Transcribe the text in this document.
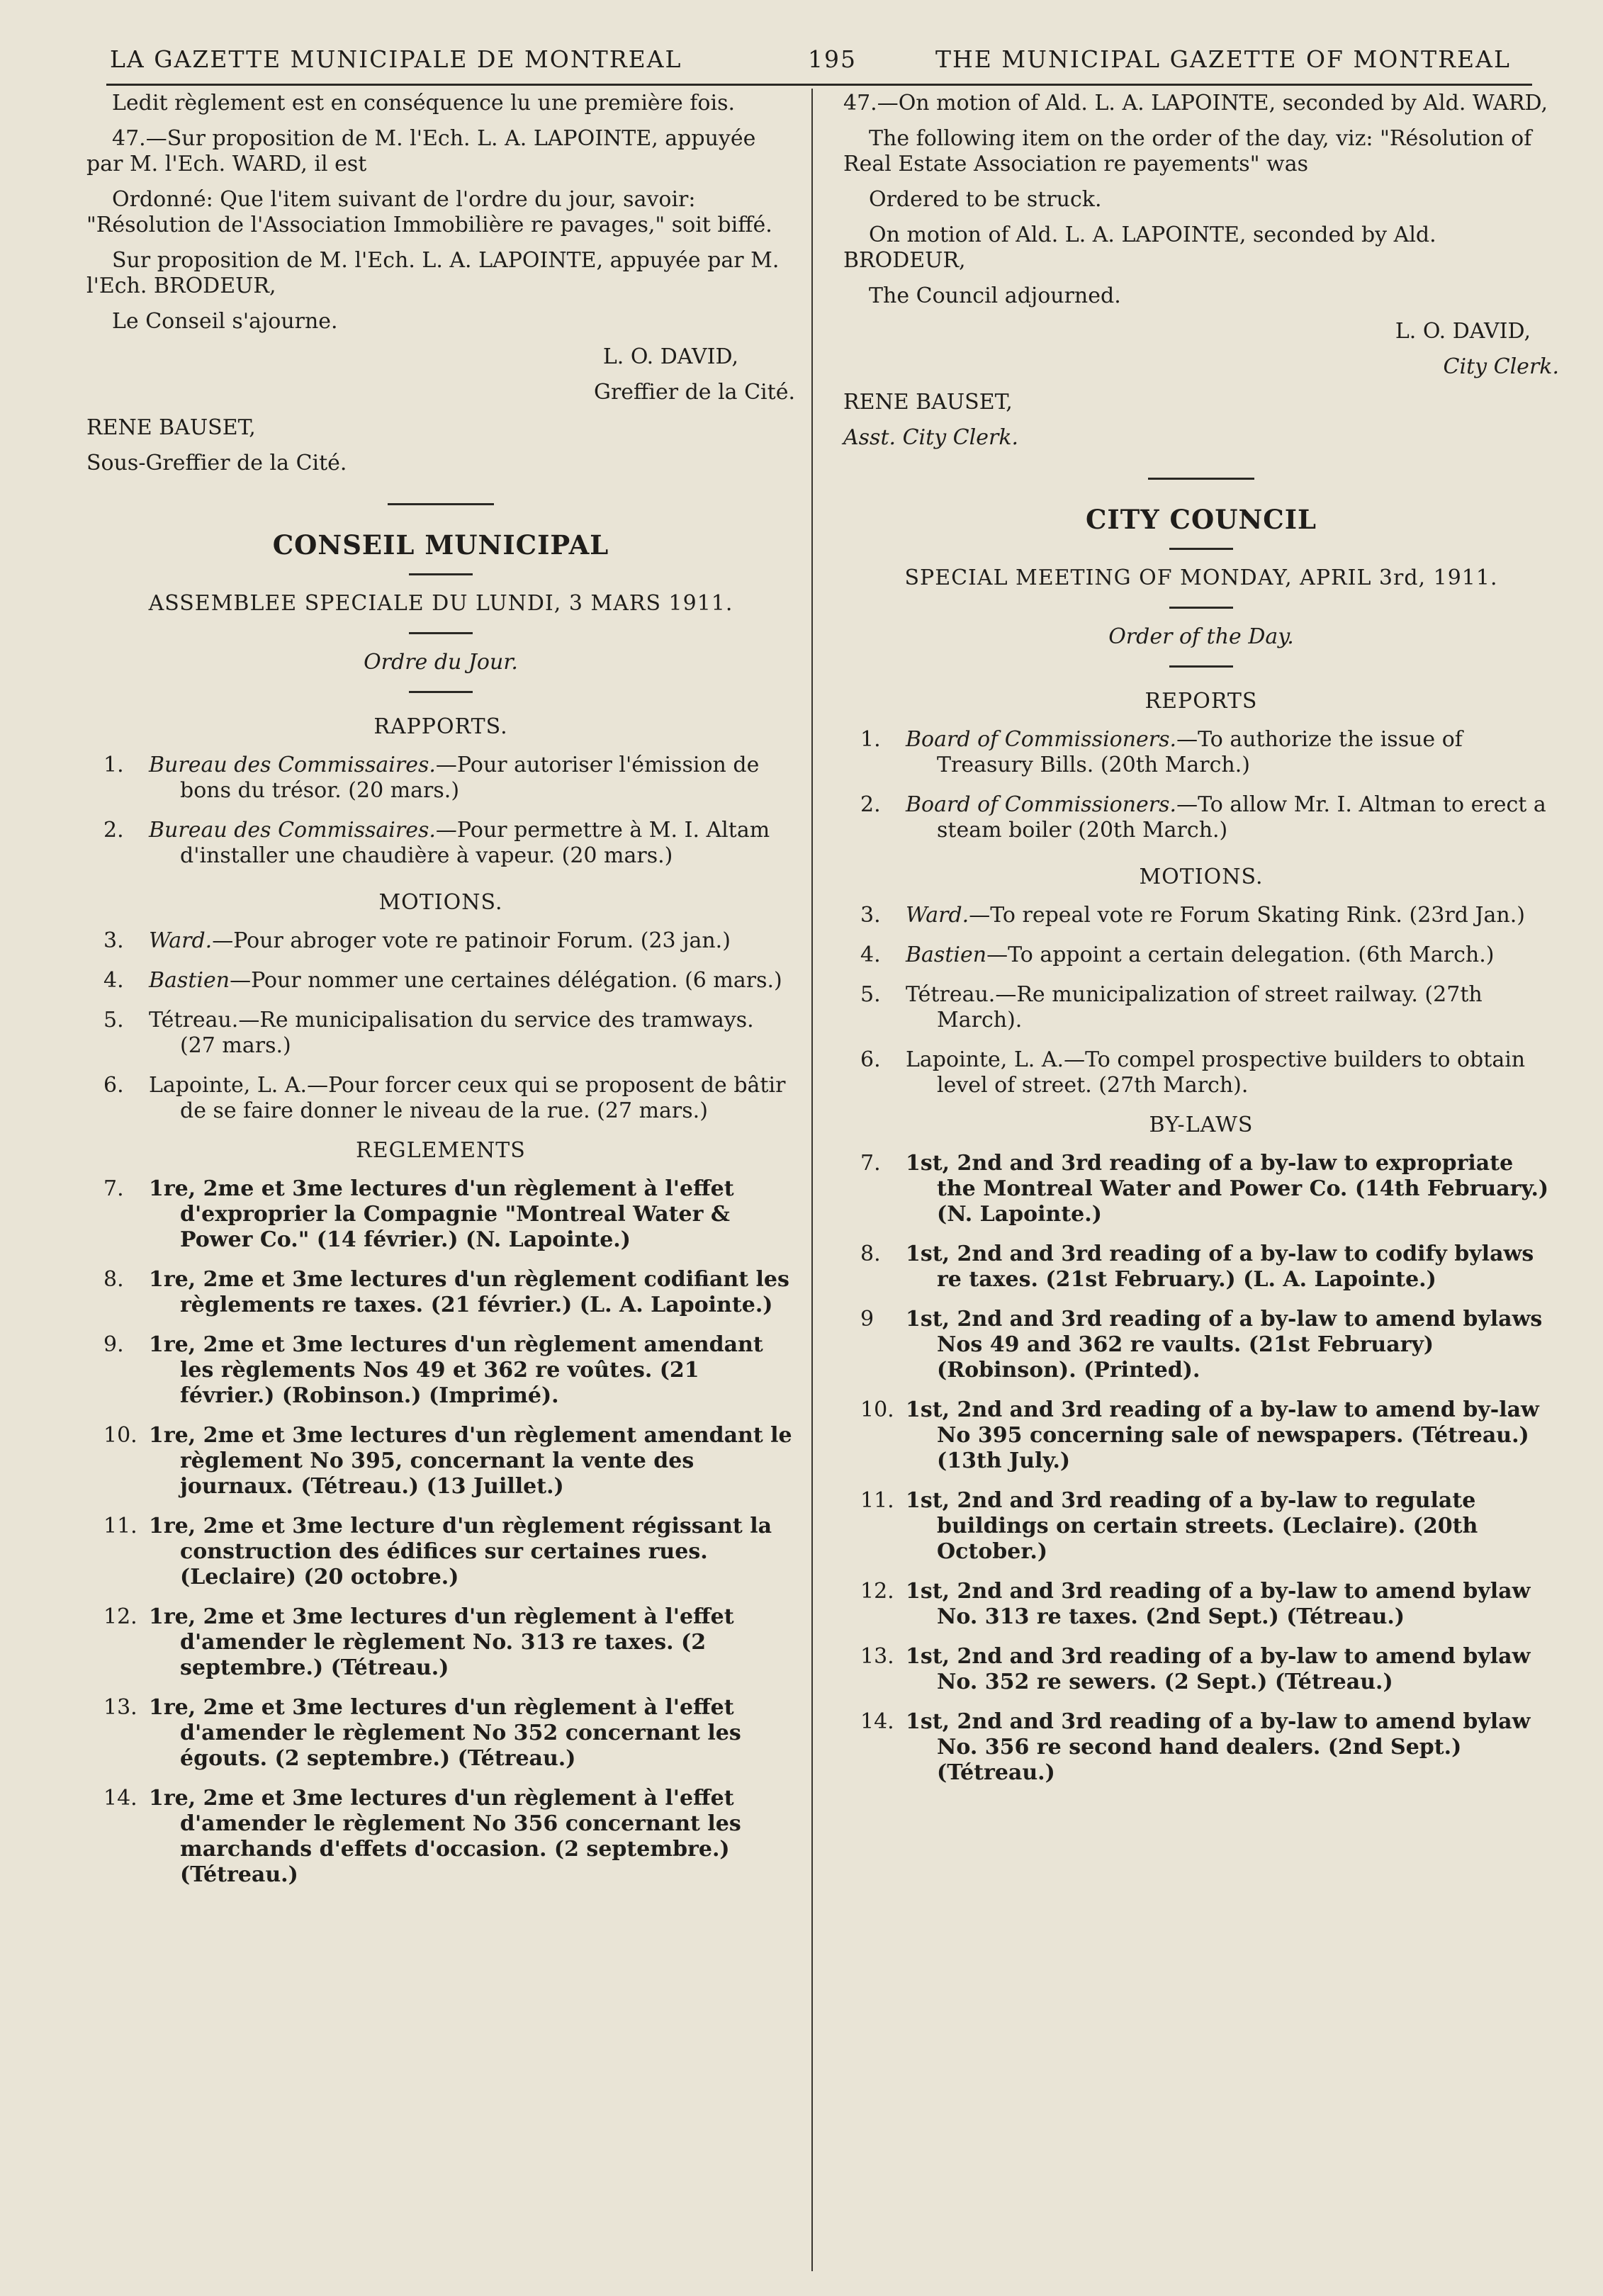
LA GAZETTE MUNICIPALE DE MONTREAL	195	THE MUNICIPAL GAZETTE OF MONTREAL

Ledit règlement est en conséquence lu une première fois.

47.—Sur proposition de M. l'Ech. L. A. LAPOINTE, appuyée par M. l'Ech. WARD, il est

Ordonné: Que l'item suivant de l'ordre du jour, savoir: "Résolution de l'Association Immobilière re pavages," soit biffé.

Sur proposition de M. l'Ech. L. A. LAPOINTE, appuyée par M. l'Ech. BRODEUR,

Le Conseil s'ajourne.

L. O. DAVID,

Greffier de la Cité.

RENE BAUSET,

Sous-Greffier de la Cité.

CONSEIL MUNICIPAL
ASSEMBLEE SPECIALE DU LUNDI, 3 MARS 1911.
Ordre du Jour.
RAPPORTS.
1.	Bureau des Commissaires.—Pour autoriser l'émission de bons du trésor. (20 mars.)
2.	Bureau des Commissaires.—Pour permettre à M. I. Altam d'installer une chaudière à vapeur. (20 mars.)
MOTIONS.
3.	Ward.—Pour abroger vote re patinoir Forum. (23 jan.)
4.	Bastien—Pour nommer une certaines délégation. (6 mars.)
5.	Tétreau.—Re municipalisation du service des tramways. (27 mars.)
6.	Lapointe, L. A.—Pour forcer ceux qui se proposent de bâtir de se faire donner le niveau de la rue. (27 mars.)
REGLEMENTS
7.	1re, 2me et 3me lectures d'un règlement à l'effet d'exproprier la Compagnie "Montreal Water & Power Co." (14 février.) (N. Lapointe.)
8.	1re, 2me et 3me lectures d'un règlement codifiant les règlements re taxes. (21 février.) (L. A. Lapointe.)
9.	1re, 2me et 3me lectures d'un règlement amendant les règlements Nos 49 et 362 re voûtes. (21 février.) (Robinson.) (Imprimé).
10. 1re, 2me et 3me lectures d'un règlement amendant le règlement No 395, concernant la vente des journaux. (Tétreau.) (13 Juillet.)
11. 1re, 2me et 3me lecture d'un règlement régissant la construction des édifices sur certaines rues. (Leclaire) (20 octobre.)
12. 1re, 2me et 3me lectures d'un règlement à l'effet d'amender le règlement No. 313 re taxes. (2 septembre.) (Tétreau.)
13. 1re, 2me et 3me lectures d'un règlement à l'effet d'amender le règlement No 352 concernant les égouts. (2 septembre.) (Tétreau.)
14. 1re, 2me et 3me lectures d'un règlement à l'effet d'amender le règlement No 356 concernant les marchands d'effets d'occasion. (2 septembre.) (Tétreau.)

47.—On motion of Ald. L. A. LAPOINTE, seconded by Ald. WARD,

The following item on the order of the day, viz: "Résolution of Real Estate Association re payements" was

Ordered to be struck.

On motion of Ald. L. A. LAPOINTE, seconded by Ald. BRODEUR,

The Council adjourned.

L. O. DAVID,

City Clerk.

RENE BAUSET,

Asst. City Clerk.

CITY COUNCIL
SPECIAL MEETING OF MONDAY, APRIL 3rd, 1911.
Order of the Day.
REPORTS
1.	Board of Commissioners.—To authorize the issue of Treasury Bills. (20th March.)
2.	Board of Commissioners.—To allow Mr. I. Altman to erect a steam boiler (20th March.)
MOTIONS.
3.	Ward.—To repeal vote re Forum Skating Rink. (23rd Jan.)
4.	Bastien—To appoint a certain delegation. (6th March.)
5.	Tétreau.—Re municipalization of street railway. (27th March).
6.	Lapointe, L. A.—To compel prospective builders to obtain level of street. (27th March).
BY-LAWS
7.	1st, 2nd and 3rd reading of a by-law to expropriate the Montreal Water and Power Co. (14th February.) (N. Lapointe.)
8.	1st, 2nd and 3rd reading of a by-law to codify bylaws re taxes. (21st February.) (L. A. Lapointe.)
9	1st, 2nd and 3rd reading of a by-law to amend bylaws Nos 49 and 362 re vaults. (21st February) (Robinson). (Printed).
10. 1st, 2nd and 3rd reading of a by-law to amend by-law No 395 concerning sale of newspapers. (Tétreau.) (13th July.)
11. 1st, 2nd and 3rd reading of a by-law to regulate buildings on certain streets. (Leclaire). (20th October.)
12. 1st, 2nd and 3rd reading of a by-law to amend bylaw No. 313 re taxes. (2nd Sept.) (Tétreau.)
13. 1st, 2nd and 3rd reading of a by-law to amend bylaw No. 352 re sewers. (2 Sept.) (Tétreau.)
14. 1st, 2nd and 3rd reading of a by-law to amend bylaw No. 356 re second hand dealers. (2nd Sept.) (Tétreau.)
